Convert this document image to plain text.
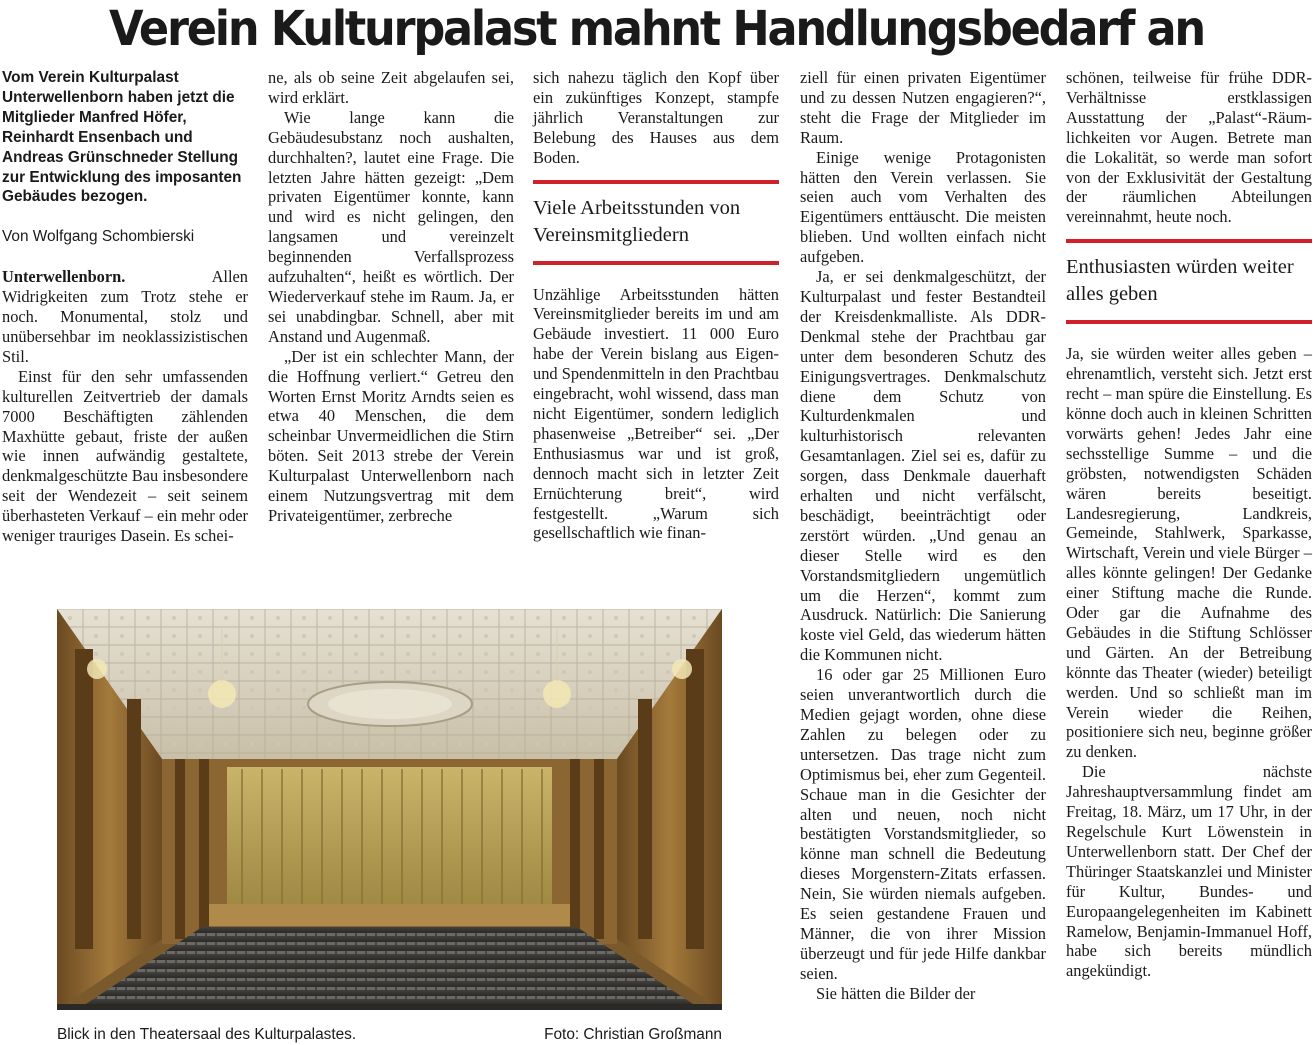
Verein Kulturpalast mahnt Handlungsbedarf an

Vom Verein Kulturpalast Unterwellenborn haben jetzt die Mitglieder Manfred Höfer, Reinhardt Ensenbach und Andreas Grünschneder Stellung zur Entwicklung des imposanten Gebäudes bezogen.

Von Wolfgang Schombierski

Unterwellenborn.	Allen Widrigkeiten zum Trotz stehe er noch. Monumental, stolz und unübersehbar im neoklassizistischen Stil.

Einst für den sehr umfassenden kulturellen Zeitvertrieb der damals 7000 Beschäftigten zählenden Maxhütte gebaut, friste der außen wie innen aufwändig gestaltete, denkmalgeschützte Bau insbesondere seit der Wendezeit – seit seinem überhasteten Verkauf – ein mehr oder weniger trauriges Dasein. Es schei-

ne, als ob seine Zeit abgelaufen sei, wird erklärt.

Wie lange kann die Gebäudesubstanz noch aushalten, durchhalten?, lautet eine Frage. Die letzten Jahre hätten gezeigt: „Dem privaten Eigentümer konnte, kann und wird es nicht gelingen, den langsamen und vereinzelt beginnenden Verfallsprozess aufzuhalten“, heißt es wörtlich. Der Wiederverkauf stehe im Raum. Ja, er sei unabdingbar. Schnell, aber mit Anstand und Augenmaß.

„Der ist ein schlechter Mann, der die Hoffnung verliert.“ Getreu den Worten Ernst Moritz Arndts seien es etwa 40 Menschen, die dem scheinbar Unvermeidlichen die Stirn böten. Seit 2013 strebe der Verein Kulturpalast Unterwellenborn nach einem Nutzungsvertrag mit dem Privateigentümer, zerbreche

sich nahezu täglich den Kopf über ein zukünftiges Konzept, stampfe jährlich Veranstaltungen zur Belebung des Hauses aus dem Boden.

Viele Arbeitsstunden von Vereinsmitgliedern

Unzählige Arbeitsstunden hätten Vereinsmitglieder bereits im und am Gebäude investiert. 11 000 Euro habe der Verein bislang aus Eigen- und Spendenmitteln in den Prachtbau eingebracht, wohl wissend, dass man nicht Eigentümer, sondern lediglich phasenweise „Betreiber“ sei. „Der Enthusiasmus war und ist groß, dennoch macht sich in letzter Zeit Ernüchterung breit“, wird festgestellt. „Warum sich gesellschaftlich wie finan-

ziell für einen privaten Eigentümer und zu dessen Nutzen engagieren?“, steht die Frage der Mitglieder im Raum.

Einige wenige Protagonisten hätten den Verein verlassen. Sie seien auch vom Verhalten des Eigentümers enttäuscht. Die meisten blieben. Und wollten einfach nicht aufgeben.

Ja, er sei denkmalgeschützt, der Kulturpalast und fester Bestandteil der Kreisdenkmalliste. Als DDR-Denkmal stehe der Prachtbau gar unter dem besonderen Schutz des Einigungsvertrages. Denkmalschutz diene dem Schutz von Kulturdenkmalen und kulturhistorisch relevanten Gesamtanlagen. Ziel sei es, dafür zu sorgen, dass Denkmale dauerhaft erhalten und nicht verfälscht, beschädigt, beeinträchtigt oder zerstört würden. „Und genau an dieser Stelle wird es den Vorstandsmitgliedern ungemütlich um die Herzen“, kommt zum Ausdruck. Natürlich: Die Sanierung koste viel Geld, das wiederum hätten die Kommunen nicht.

16 oder gar 25 Millionen Euro seien unverantwortlich durch die Medien gejagt worden, ohne diese Zahlen zu belegen oder zu untersetzen. Das trage nicht zum Optimismus bei, eher zum Gegenteil. Schaue man in die Gesichter der alten und neuen, noch nicht bestätigten Vorstandsmitglieder, so könne man schnell die Bedeutung dieses Morgenstern-Zitats erfassen. Nein, Sie würden niemals aufgeben. Es seien gestandene Frauen und Männer, die von ihrer Mission überzeugt und für jede Hilfe dankbar seien.

Sie hätten die Bilder der

schönen, teilweise für frühe DDR-Verhältnisse erstklassigen Ausstattung der „Palast“-Räumlichkeiten vor Augen. Betrete man die Lokalität, so werde man sofort von der Exklusivität der Gestaltung der räumlichen Abteilungen vereinnahmt, heute noch.

Enthusiasten würden weiter alles geben

Ja, sie würden weiter alles geben – ehrenamtlich, versteht sich. Jetzt erst recht – man spüre die Einstellung. Es könne doch auch in kleinen Schritten vorwärts gehen! Jedes Jahr eine sechsstellige Summe – und die gröbsten, notwendigsten Schäden wären bereits beseitigt. Landesregierung, Landkreis, Gemeinde, Stahlwerk, Sparkasse, Wirtschaft, Verein und viele Bürger – alles könnte gelingen! Der Gedanke einer Stiftung mache die Runde. Oder gar die Aufnahme des Gebäudes in die Stiftung Schlösser und Gärten. An der Betreibung könnte das Theater (wieder) beteiligt werden. Und so schließt man im Verein wieder die Reihen, positioniere sich neu, beginne größer zu denken.

Die nächste Jahreshauptversammlung findet am Freitag, 18. März, um 17 Uhr, in der Regelschule Kurt Löwenstein in Unterwellenborn statt. Der Chef der Thüringer Staatskanzlei und Minister für Kultur, Bundes- und Europaangelegenheiten im Kabinett Ramelow, Benjamin-Immanuel Hoff, habe sich bereits mündlich angekündigt.

Blick in den Theatersaal des Kulturpalastes.	Foto: Christian Großmann
